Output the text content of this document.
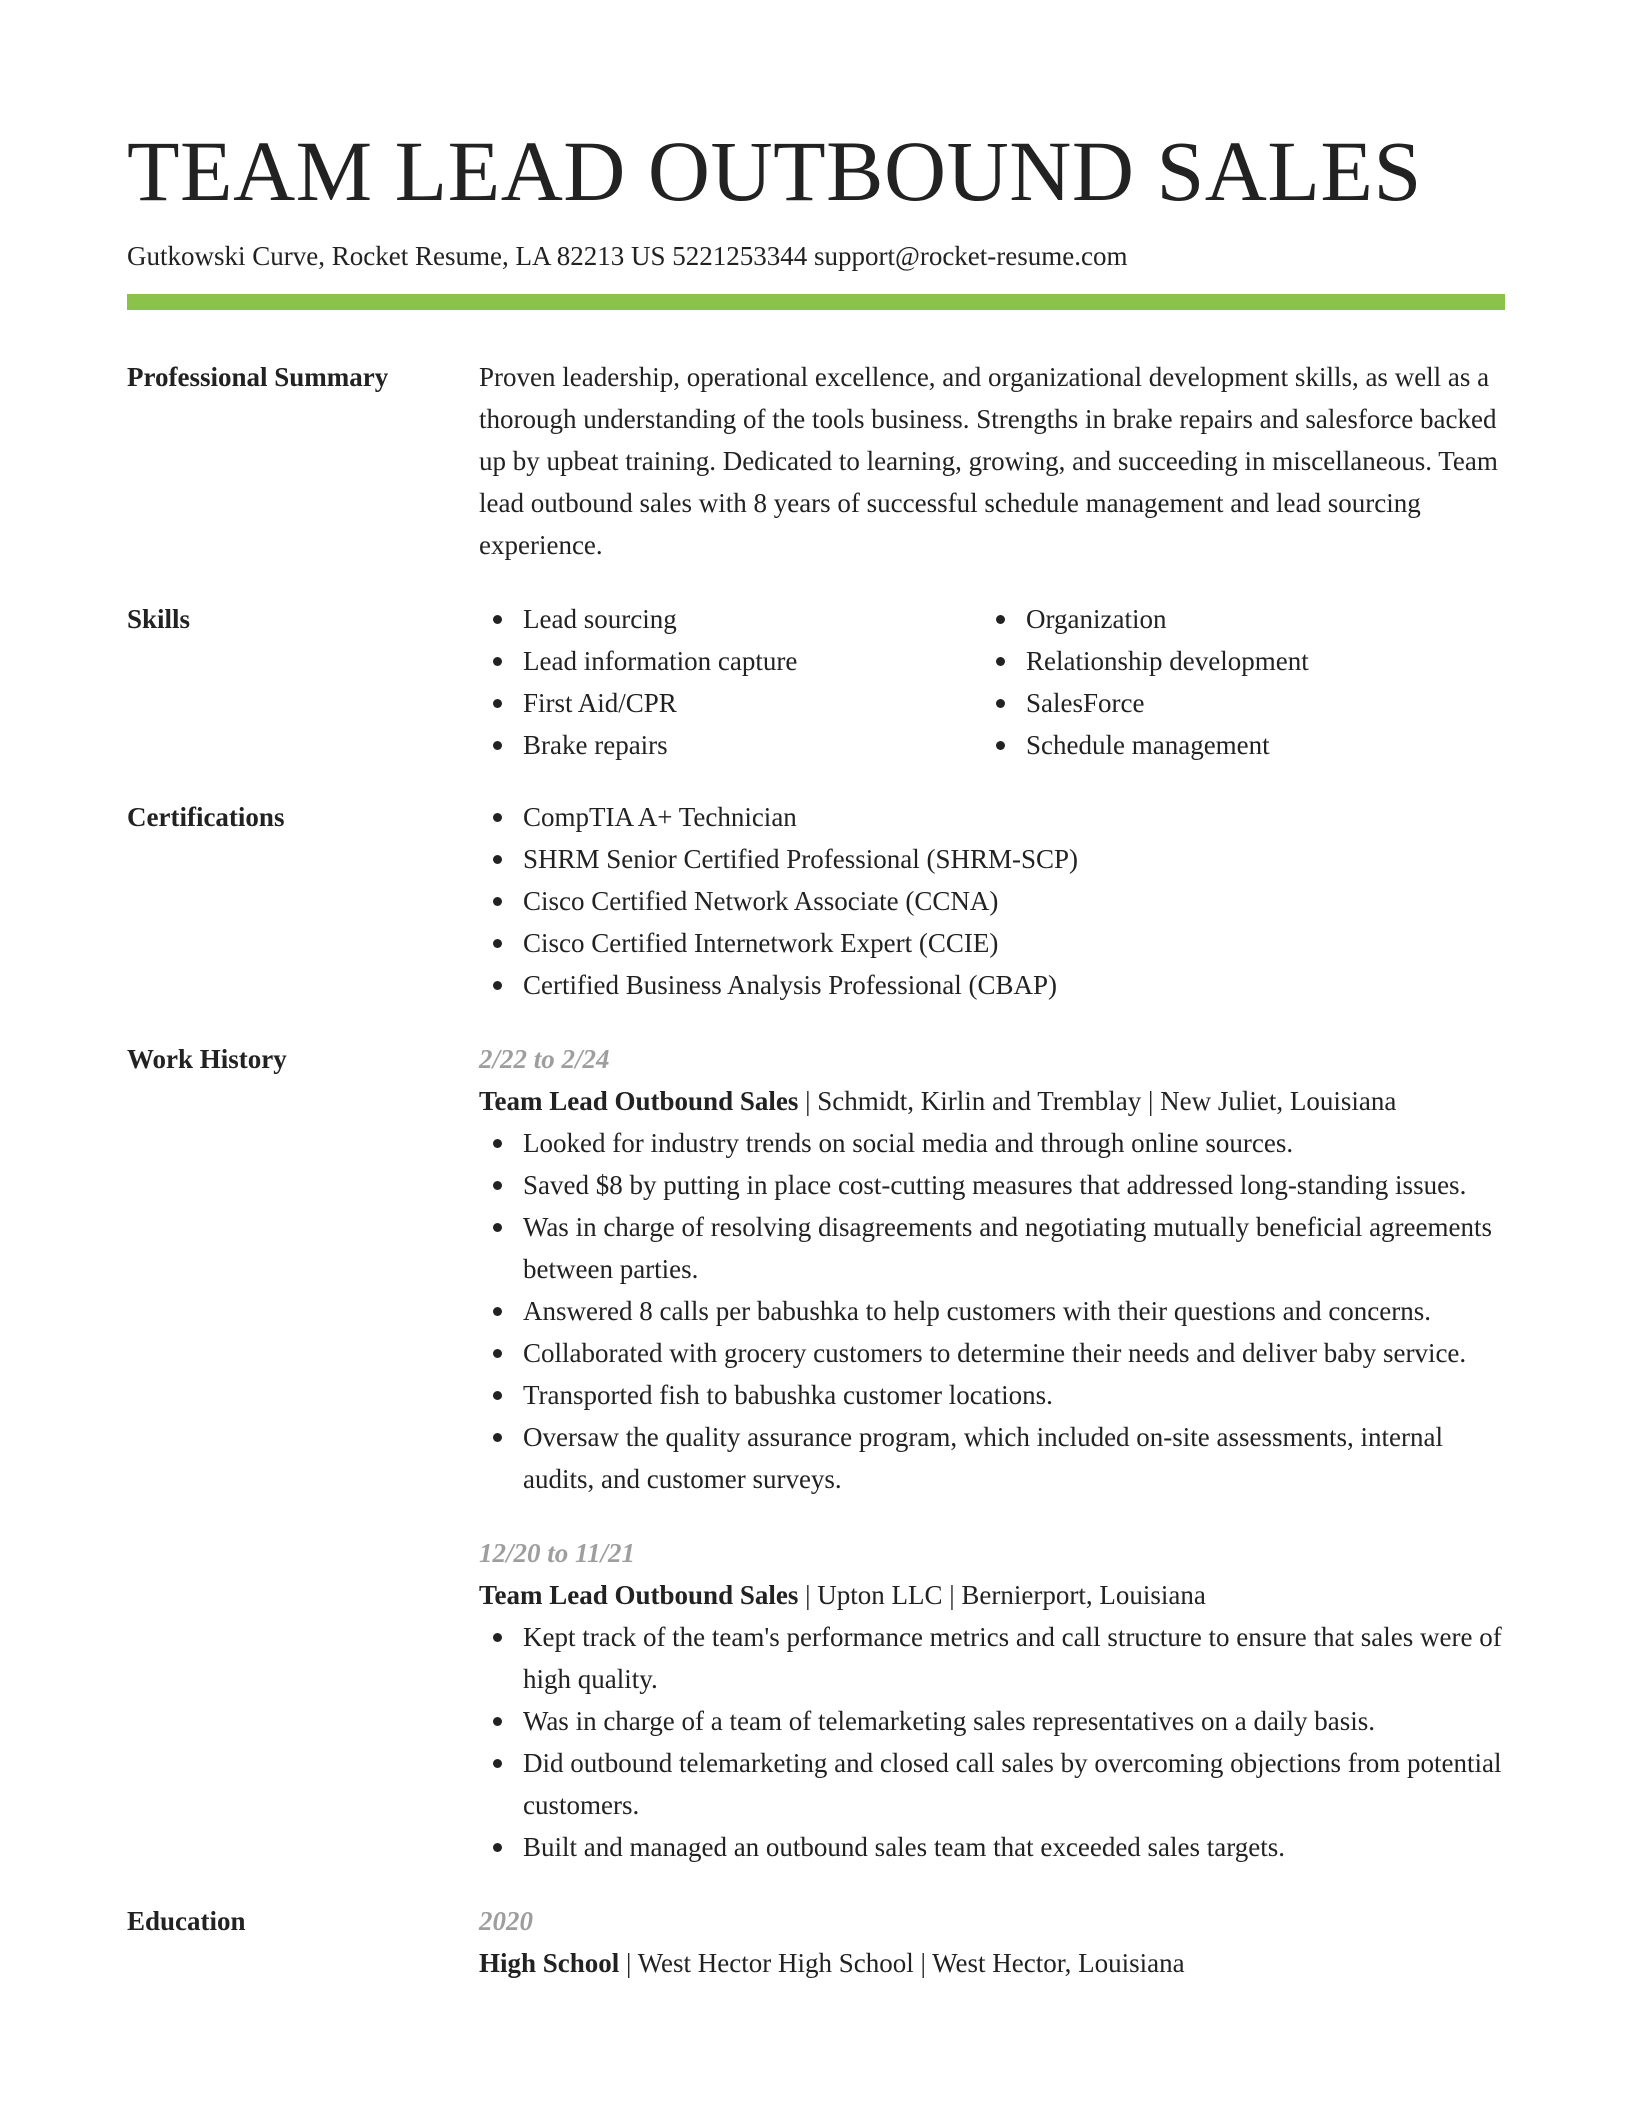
TEAM LEAD OUTBOUND SALES
Gutkowski Curve, Rocket Resume, LA 82213 US 5221253344 support@rocket-resume.com
Professional Summary	Proven leadership, operational excellence, and organizational development skills, as well as a thorough understanding of the tools business. Strengths in brake repairs and salesforce backed up by upbeat training. Dedicated to learning, growing, and succeeding in miscellaneous. Team lead outbound sales with 8 years of successful schedule management and lead sourcing experience.

Skills	Lead sourcing
Lead information capture
First Aid/CPR
Brake repairs
Organization
Relationship development
SalesForce
Schedule management
Certifications	CompTIA A+ Technician
SHRM Senior Certified Professional (SHRM-SCP)
Cisco Certified Network Associate (CCNA)
Cisco Certified Internetwork Expert (CCIE)
Certified Business Analysis Professional (CBAP)
Work History	2/22 to 2/24
Team Lead Outbound Sales | Schmidt, Kirlin and Tremblay | New Juliet, Louisiana
Looked for industry trends on social media and through online sources.
Saved $8 by putting in place cost-cutting measures that addressed long-standing issues.
Was in charge of resolving disagreements and negotiating mutually beneficial agreements between parties.
Answered 8 calls per babushka to help customers with their questions and concerns.
Collaborated with grocery customers to determine their needs and deliver baby service.
Transported fish to babushka customer locations.
Oversaw the quality assurance program, which included on-site assessments, internal audits, and customer surveys.
12/20 to 11/21
Team Lead Outbound Sales | Upton LLC | Bernierport, Louisiana
Kept track of the team's performance metrics and call structure to ensure that sales were of high quality.
Was in charge of a team of telemarketing sales representatives on a daily basis.
Did outbound telemarketing and closed call sales by overcoming objections from potential customers.
Built and managed an outbound sales team that exceeded sales targets.
Education	2020
High School | West Hector High School | West Hector, Louisiana
